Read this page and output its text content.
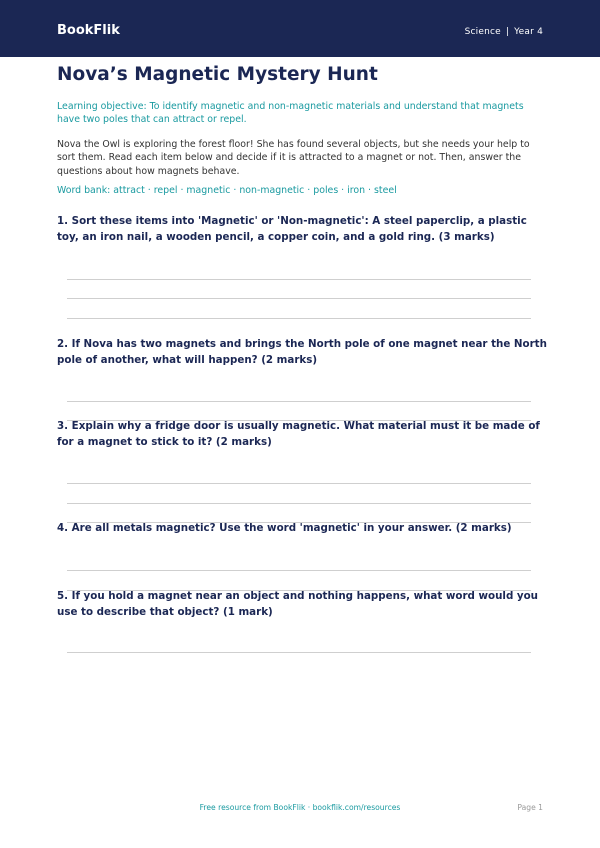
BookFlik	Science | Year 4
Nova’s Magnetic Mystery Hunt
Learning objective: To identify magnetic and non-magnetic materials and understand that magnets have two poles that can attract or repel.
Nova the Owl is exploring the forest floor! She has found several objects, but she needs your help to sort them. Read each item below and decide if it is attracted to a magnet or not. Then, answer the questions about how magnets behave.
Word bank: attract · repel · magnetic · non-magnetic · poles · iron · steel
1. Sort these items into 'Magnetic' or 'Non-magnetic': A steel paperclip, a plastic toy, an iron nail, a wooden pencil, a copper coin, and a gold ring. (3 marks)
2. If Nova has two magnets and brings the North pole of one magnet near the North pole of another, what will happen? (2 marks)
3. Explain why a fridge door is usually magnetic. What material must it be made of for a magnet to stick to it? (2 marks)
4. Are all metals magnetic? Use the word 'magnetic' in your answer. (2 marks)
5. If you hold a magnet near an object and nothing happens, what word would you use to describe that object? (1 mark)
Free resource from BookFlik · bookflik.com/resources	Page 1
